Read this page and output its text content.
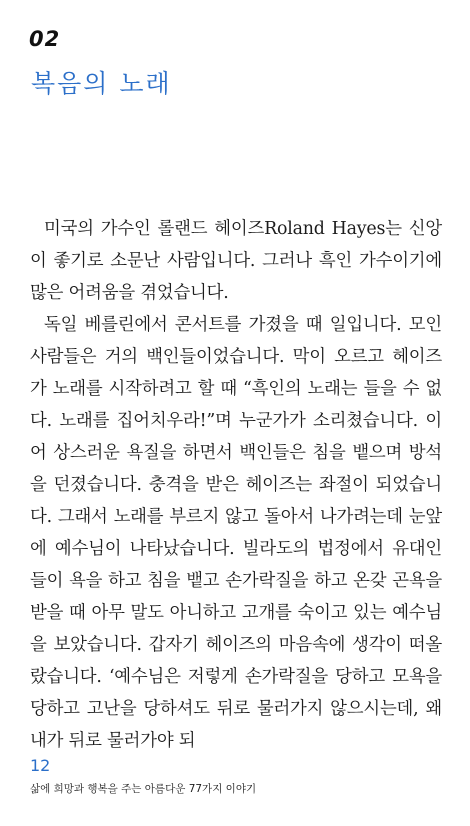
02
복음의 노래

미국의 가수인 롤랜드 헤이즈Roland Hayes는 신앙이 좋기로 소문난 사람입니다. 그러나 흑인 가수이기에 많은 어려움을 겪었습니다.

독일 베를린에서 콘서트를 가졌을 때 일입니다. 모인 사람들은 거의 백인들이었습니다. 막이 오르고 헤이즈가 노래를 시작하려고 할 때 “흑인의 노래는 들을 수 없다. 노래를 집어치우라!”며 누군가가 소리쳤습니다. 이어 상스러운 욕질을 하면서 백인들은 침을 뱉으며 방석을 던졌습니다. 충격을 받은 헤이즈는 좌절이 되었습니다. 그래서 노래를 부르지 않고 돌아서 나가려는데 눈앞에 예수님이 나타났습니다. 빌라도의 법정에서 유대인들이 욕을 하고 침을 뱉고 손가락질을 하고 온갖 곤욕을 받을 때 아무 말도 아니하고 고개를 숙이고 있는 예수님을 보았습니다. 갑자기 헤이즈의 마음속에 생각이 떠올랐습니다. ‘예수님은 저렇게 손가락질을 당하고 모욕을 당하고 고난을 당하셔도 뒤로 물러가지 않으시는데, 왜 내가 뒤로 물러가야 되

12
삶에 희망과 행복을 주는 아름다운 77가지 이야기
